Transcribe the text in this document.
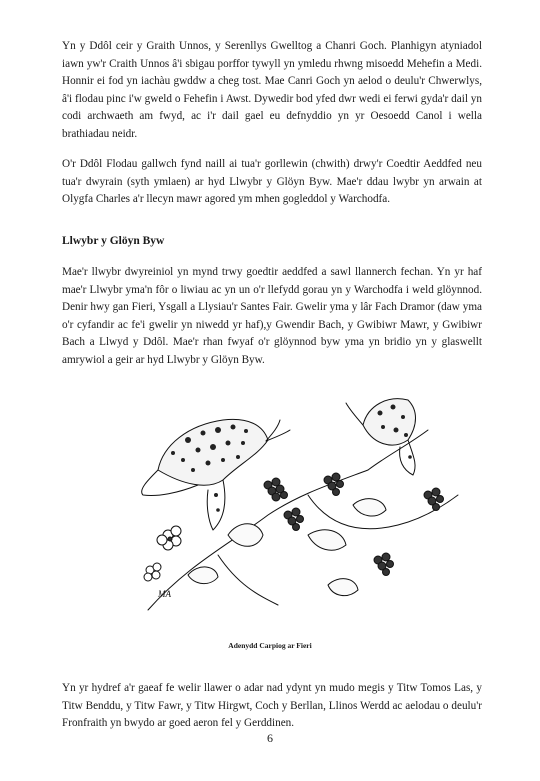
Yn y Ddôl ceir y Graith Unnos, y Serenllys Gwelltog a Chanri Goch. Planhigyn atyniadol iawn yw'r Craith Unnos â'i sbigau porffor tywyll yn ymledu rhwng misoedd Mehefin a Medi. Honnir ei fod yn iachàu gwddw a cheg tost. Mae Canri Goch yn aelod o deulu'r Chwerwlys, â'i flodau pinc i'w gweld o Fehefin i Awst. Dywedir bod yfed dwr wedi ei ferwi gyda'r dail yn codi archwaeth am fwyd, ac i'r dail gael eu defnyddio yn yr Oesoedd Canol i wella brathiadau neidr.

O'r Ddôl Flodau gallwch fynd naill ai tua'r gorllewin (chwith) drwy'r Coedtir Aeddfed neu tua'r dwyrain (syth ymlaen) ar hyd Llwybr y Glöyn Byw. Mae'r ddau lwybr yn arwain at Olygfa Charles a'r llecyn mawr agored ym mhen gogleddol y Warchodfa.

Llwybr y Glöyn Byw

Mae'r llwybr dwyreiniol yn mynd trwy goedtir aeddfed a sawl llannerch fechan. Yn yr haf mae'r Llwybr yma'n fôr o liwiau ac yn un o'r llefydd gorau yn y Warchodfa i weld glöynnod. Denir hwy gan Fieri, Ysgall a Llysiau'r Santes Fair. Gwelir yma y lâr Fach Dramor (daw yma o'r cyfandir ac fe'i gwelir yn niwedd yr haf),y Gwendir Bach, y Gwibiwr Mawr, y Gwibiwr Bach a Llwyd y Ddôl. Mae'r rhan fwyaf o'r glöynnod byw yma yn bridio yn y glaswellt amrywiol a geir ar hyd Llwybr y Glöyn Byw.

MA
Adenydd Carpiog ar Fieri

Yn yr hydref a'r gaeaf fe welir llawer o adar nad ydynt yn mudo megis y Titw Tomos Las, y Titw Benddu, y Titw Fawr, y Titw Hirgwt, Coch y Berllan, Llinos Werdd ac aelodau o deulu'r Fronfraith yn bwydo ar goed aeron fel y Gerddinen.

6
